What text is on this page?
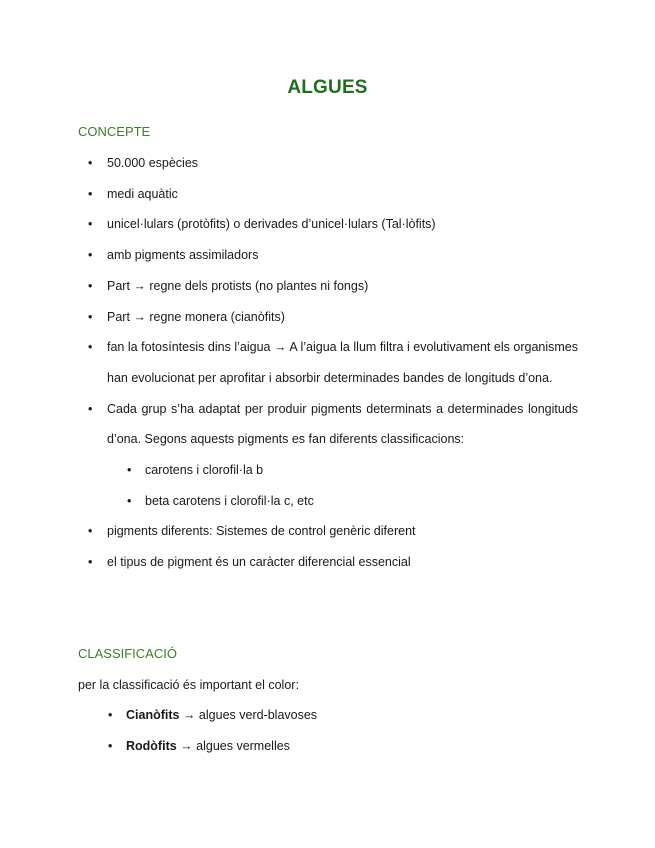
ALGUES
CONCEPTE
• 50.000 espècies
• medi aquàtic
• unicel·lulars (protòfits) o derivades d’unicel·lulars (Tal·lòfits)
• amb pigments assimiladors
• Part → regne dels protists (no plantes ni fongs)
• Part → regne monera (cianòfits)
• fan la fotosíntesis dins l’aigua → A l’aigua la llum filtra i evolutivament els organismes han evolucionat per aprofitar i absorbir determinades bandes de longituds d’ona.
• Cada grup s’ha adaptat per produir pigments determinats a determinades longituds d’ona. Segons aquests pigments es fan diferents classificacions:
• carotens i clorofil·la b
• beta carotens i clorofil·la c, etc
• pigments diferents: Sistemes de control genèric diferent
• el tipus de pigment és un caràcter diferencial essencial
CLASSIFICACIÓ
per la classificació és important el color:
• Cianòfits → algues verd-blavoses
• Rodòfits → algues vermelles
